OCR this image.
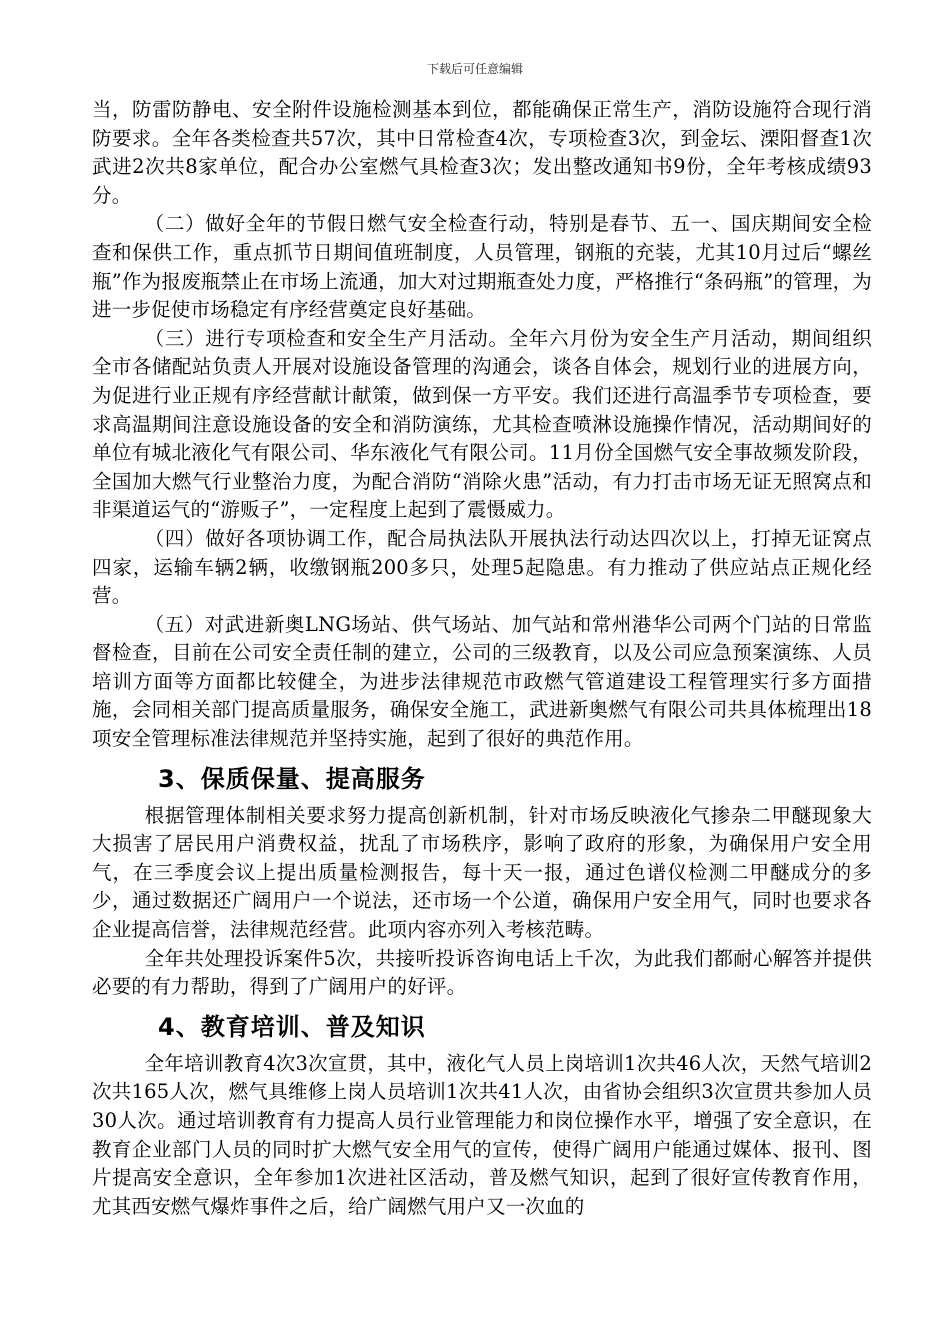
下载后可任意编辑

当，防雷防静电、安全附件设施检测基本到位，都能确保正常生产，消防设施符合现行消防要求。全年各类检查共57次，其中日常检查4次，专项检查3次，到金坛、溧阳督查1次武进2次共8家单位，配合办公室燃气具检查3次；发出整改通知书9份，全年考核成绩93分。

（二）做好全年的节假日燃气安全检查行动，特别是春节、五一、国庆期间安全检查和保供工作，重点抓节日期间值班制度，人员管理，钢瓶的充装，尤其10月过后“螺丝瓶”作为报废瓶禁止在市场上流通，加大对过期瓶查处力度，严格推行“条码瓶”的管理，为进一步促使市场稳定有序经营奠定良好基础。

（三）进行专项检查和安全生产月活动。全年六月份为安全生产月活动，期间组织全市各储配站负责人开展对设施设备管理的沟通会，谈各自体会，规划行业的进展方向，为促进行业正规有序经营献计献策，做到保一方平安。我们还进行高温季节专项检查，要求高温期间注意设施设备的安全和消防演练，尤其检查喷淋设施操作情况，活动期间好的单位有城北液化气有限公司、华东液化气有限公司。11月份全国燃气安全事故频发阶段，全国加大燃气行业整治力度，为配合消防“消除火患”活动，有力打击市场无证无照窝点和非渠道运气的“游贩子”，一定程度上起到了震慑威力。

（四）做好各项协调工作，配合局执法队开展执法行动达四次以上，打掉无证窝点四家，运输车辆2辆，收缴钢瓶200多只，处理5起隐患。有力推动了供应站点正规化经营。

（五）对武进新奥LNG场站、供气场站、加气站和常州港华公司两个门站的日常监督检查，目前在公司安全责任制的建立，公司的三级教育，以及公司应急预案演练、人员培训方面等方面都比较健全，为进步法律规范市政燃气管道建设工程管理实行多方面措施，会同相关部门提高质量服务，确保安全施工，武进新奥燃气有限公司共具体梳理出18项安全管理标准法律规范并坚持实施，起到了很好的典范作用。

3、保质保量、提高服务

根据管理体制相关要求努力提高创新机制，针对市场反映液化气掺杂二甲醚现象大大损害了居民用户消费权益，扰乱了市场秩序，影响了政府的形象，为确保用户安全用气，在三季度会议上提出质量检测报告，每十天一报，通过色谱仪检测二甲醚成分的多少，通过数据还广阔用户一个说法，还市场一个公道，确保用户安全用气，同时也要求各企业提高信誉，法律规范经营。此项内容亦列入考核范畴。

全年共处理投诉案件5次，共接听投诉咨询电话上千次，为此我们都耐心解答并提供必要的有力帮助，得到了广阔用户的好评。

4、教育培训、普及知识

全年培训教育4次3次宣贯，其中，液化气人员上岗培训1次共46人次，天然气培训2次共165人次，燃气具维修上岗人员培训1次共41人次，由省协会组织3次宣贯共参加人员30人次。通过培训教育有力提高人员行业管理能力和岗位操作水平，增强了安全意识，在教育企业部门人员的同时扩大燃气安全用气的宣传，使得广阔用户能通过媒体、报刊、图片提高安全意识，全年参加1次进社区活动，普及燃气知识，起到了很好宣传教育作用，尤其西安燃气爆炸事件之后，给广阔燃气用户又一次血的
